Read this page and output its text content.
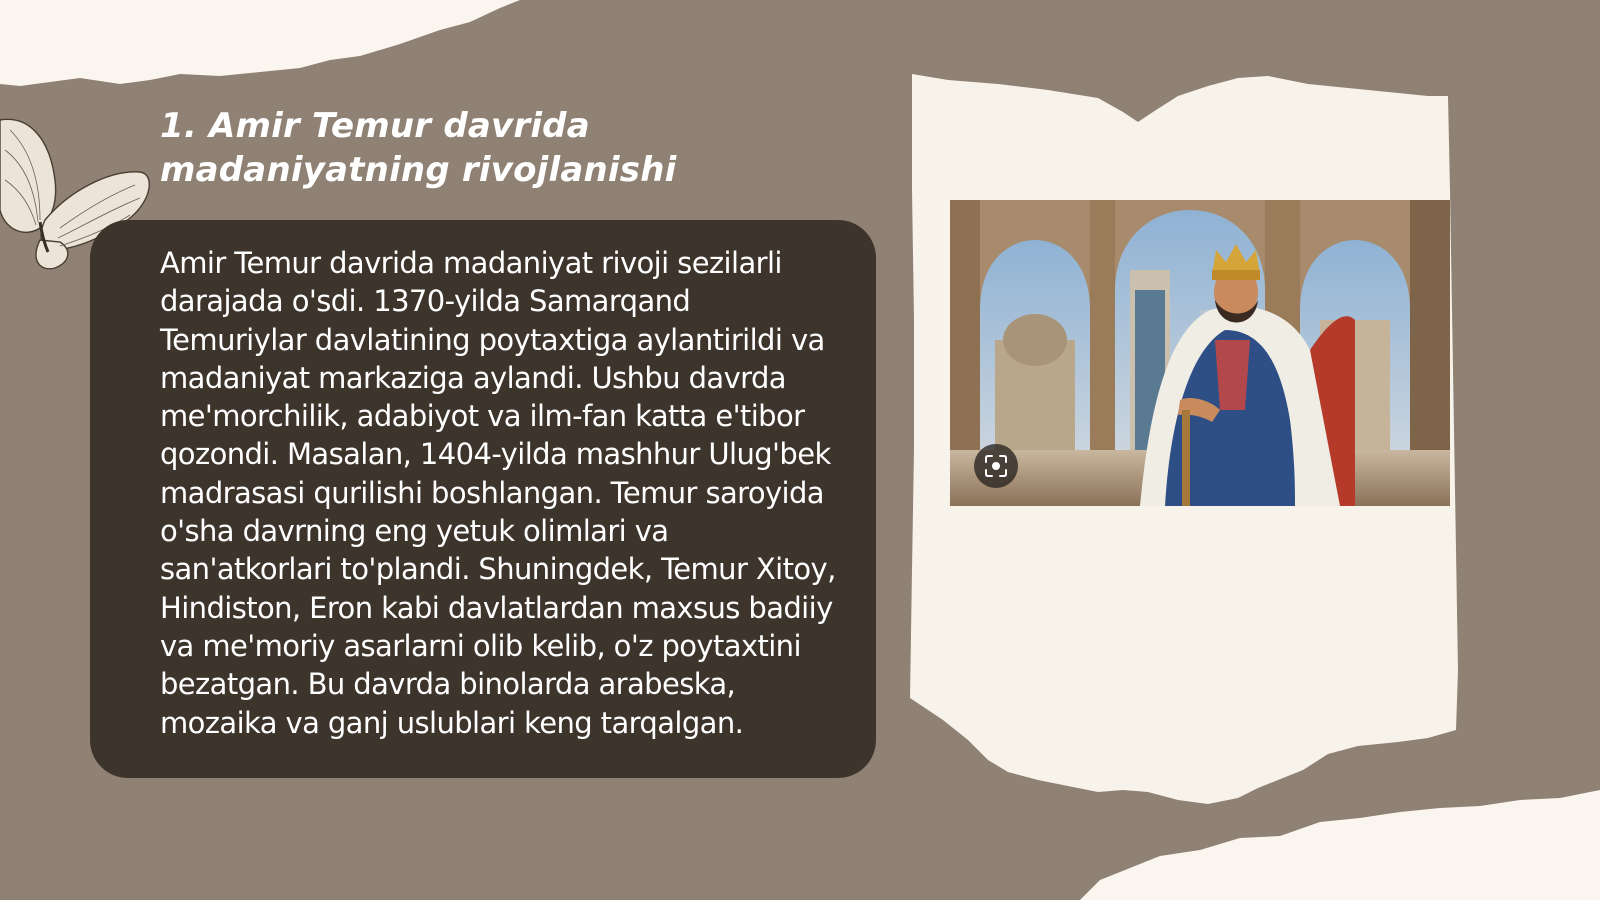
1. Amir Temur davrida madaniyatning rivojlanishi

Amir Temur davrida madaniyat rivoji sezilarli darajada o'sdi. 1370-yilda Samarqand Temuriylar davlatining poytaxtiga aylantirildi va madaniyat markaziga aylandi. Ushbu davrda me'morchilik, adabiyot va ilm-fan katta e'tibor qozondi. Masalan, 1404-yilda mashhur Ulug'bek madrasasi qurilishi boshlangan. Temur saroyida o'sha davrning eng yetuk olimlari va san'atkorlari to'plandi. Shuningdek, Temur Xitoy, Hindiston, Eron kabi davlatlardan maxsus badiiy va me'moriy asarlarni olib kelib, o'z poytaxtini bezatgan. Bu davrda binolarda arabeska, mozaika va ganj uslublari keng tarqalgan.
